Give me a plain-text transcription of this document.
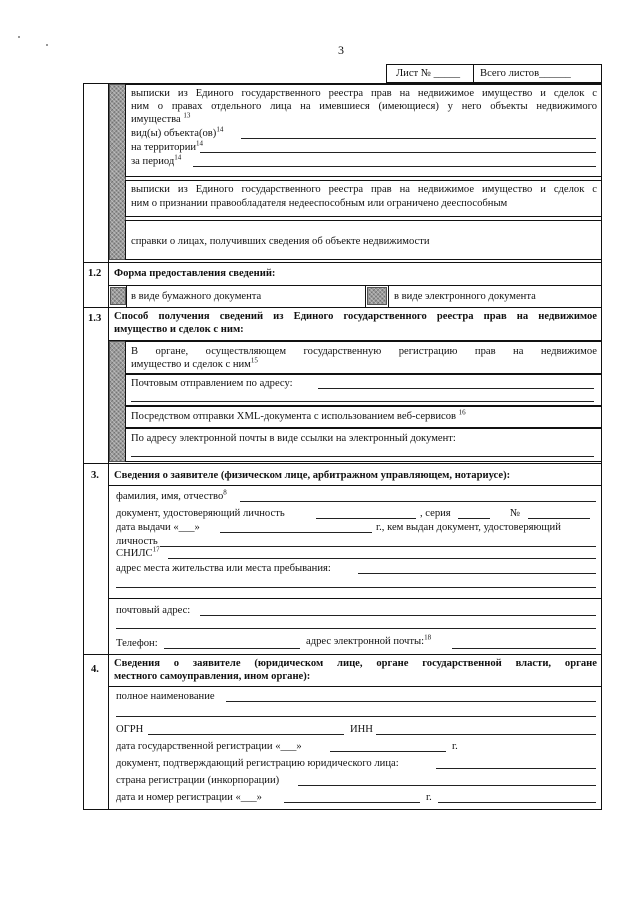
3
Лист № _____ Всего листов______
выписки из Единого государственного реестра прав на недвижимое имущество и сделок с
ним о правах отдельного лица на имевшиеся (имеющиеся) у него объекты недвижимого
имущества $^{13}$
вид(ы) объекта(ов)$^{14}$
на территории$^{14}$
за период$^{14}$
выписки из Единого государственного реестра прав на недвижимое имущество и сделок с
ним о признании правообладателя недееспособным или ограничено дееспособным
справки о лицах, получивших сведения об объекте недвижимости
1.2 Форма предоставления сведений:
в виде бумажного документа	в виде электронного документа
1.3 Способ получения сведений из Единого государственного реестра прав на недвижимое
имущество и сделок с ним:
В органе, осуществляющем государственную регистрацию прав на недвижимое
имущество и сделок с ним$^{15}$
Почтовым отправлением по адресу:
Посредством отправки XML-документа с использованием веб-сервисов $^{16}$
По адресу электронной почты в виде ссылки на электронный документ:
3. Сведения о заявителе (физическом лице, арбитражном управляющем, нотариусе):
фамилия, имя, отчество$^8$
документ, удостоверяющий личность	, серия	№
дата выдачи «___»	г., кем выдан документ, удостоверяющий
личность
СНИЛС$^{17}$
адрес места жительства или места пребывания:
почтовый адрес:
Телефон:	адрес электронной почты:$^{18}$
4.
Сведения о заявителе (юридическом лице, органе государственной власти, органе
местного самоуправления, ином органе):
полное наименование
ОГРН	ИНН
дата государственной регистрации «___»	г.
документ, подтверждающий регистрацию юридического лица:
страна регистрации (инкорпорации)
дата и номер регистрации «___»	г.
